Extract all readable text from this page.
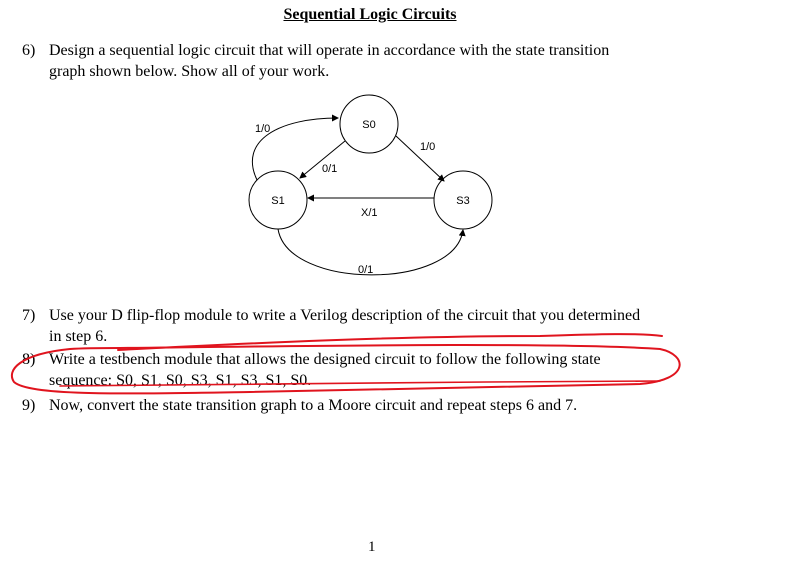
Sequential Logic Circuits
6) Design a sequential logic circuit that will operate in accordance with the state transition
graph shown below. Show all of your work.
S0
S1	S3
1/0
0/1
1/0
X/1
0/1
7) Use your D flip-flop module to write a Verilog description of the circuit that you determined
in step 6.
8) Write a testbench module that allows the designed circuit to follow the following state
sequence: S0, S1, S0, S3, S1, S3, S1, S0.
9) Now, convert the state transition graph to a Moore circuit and repeat steps 6 and 7.
1
